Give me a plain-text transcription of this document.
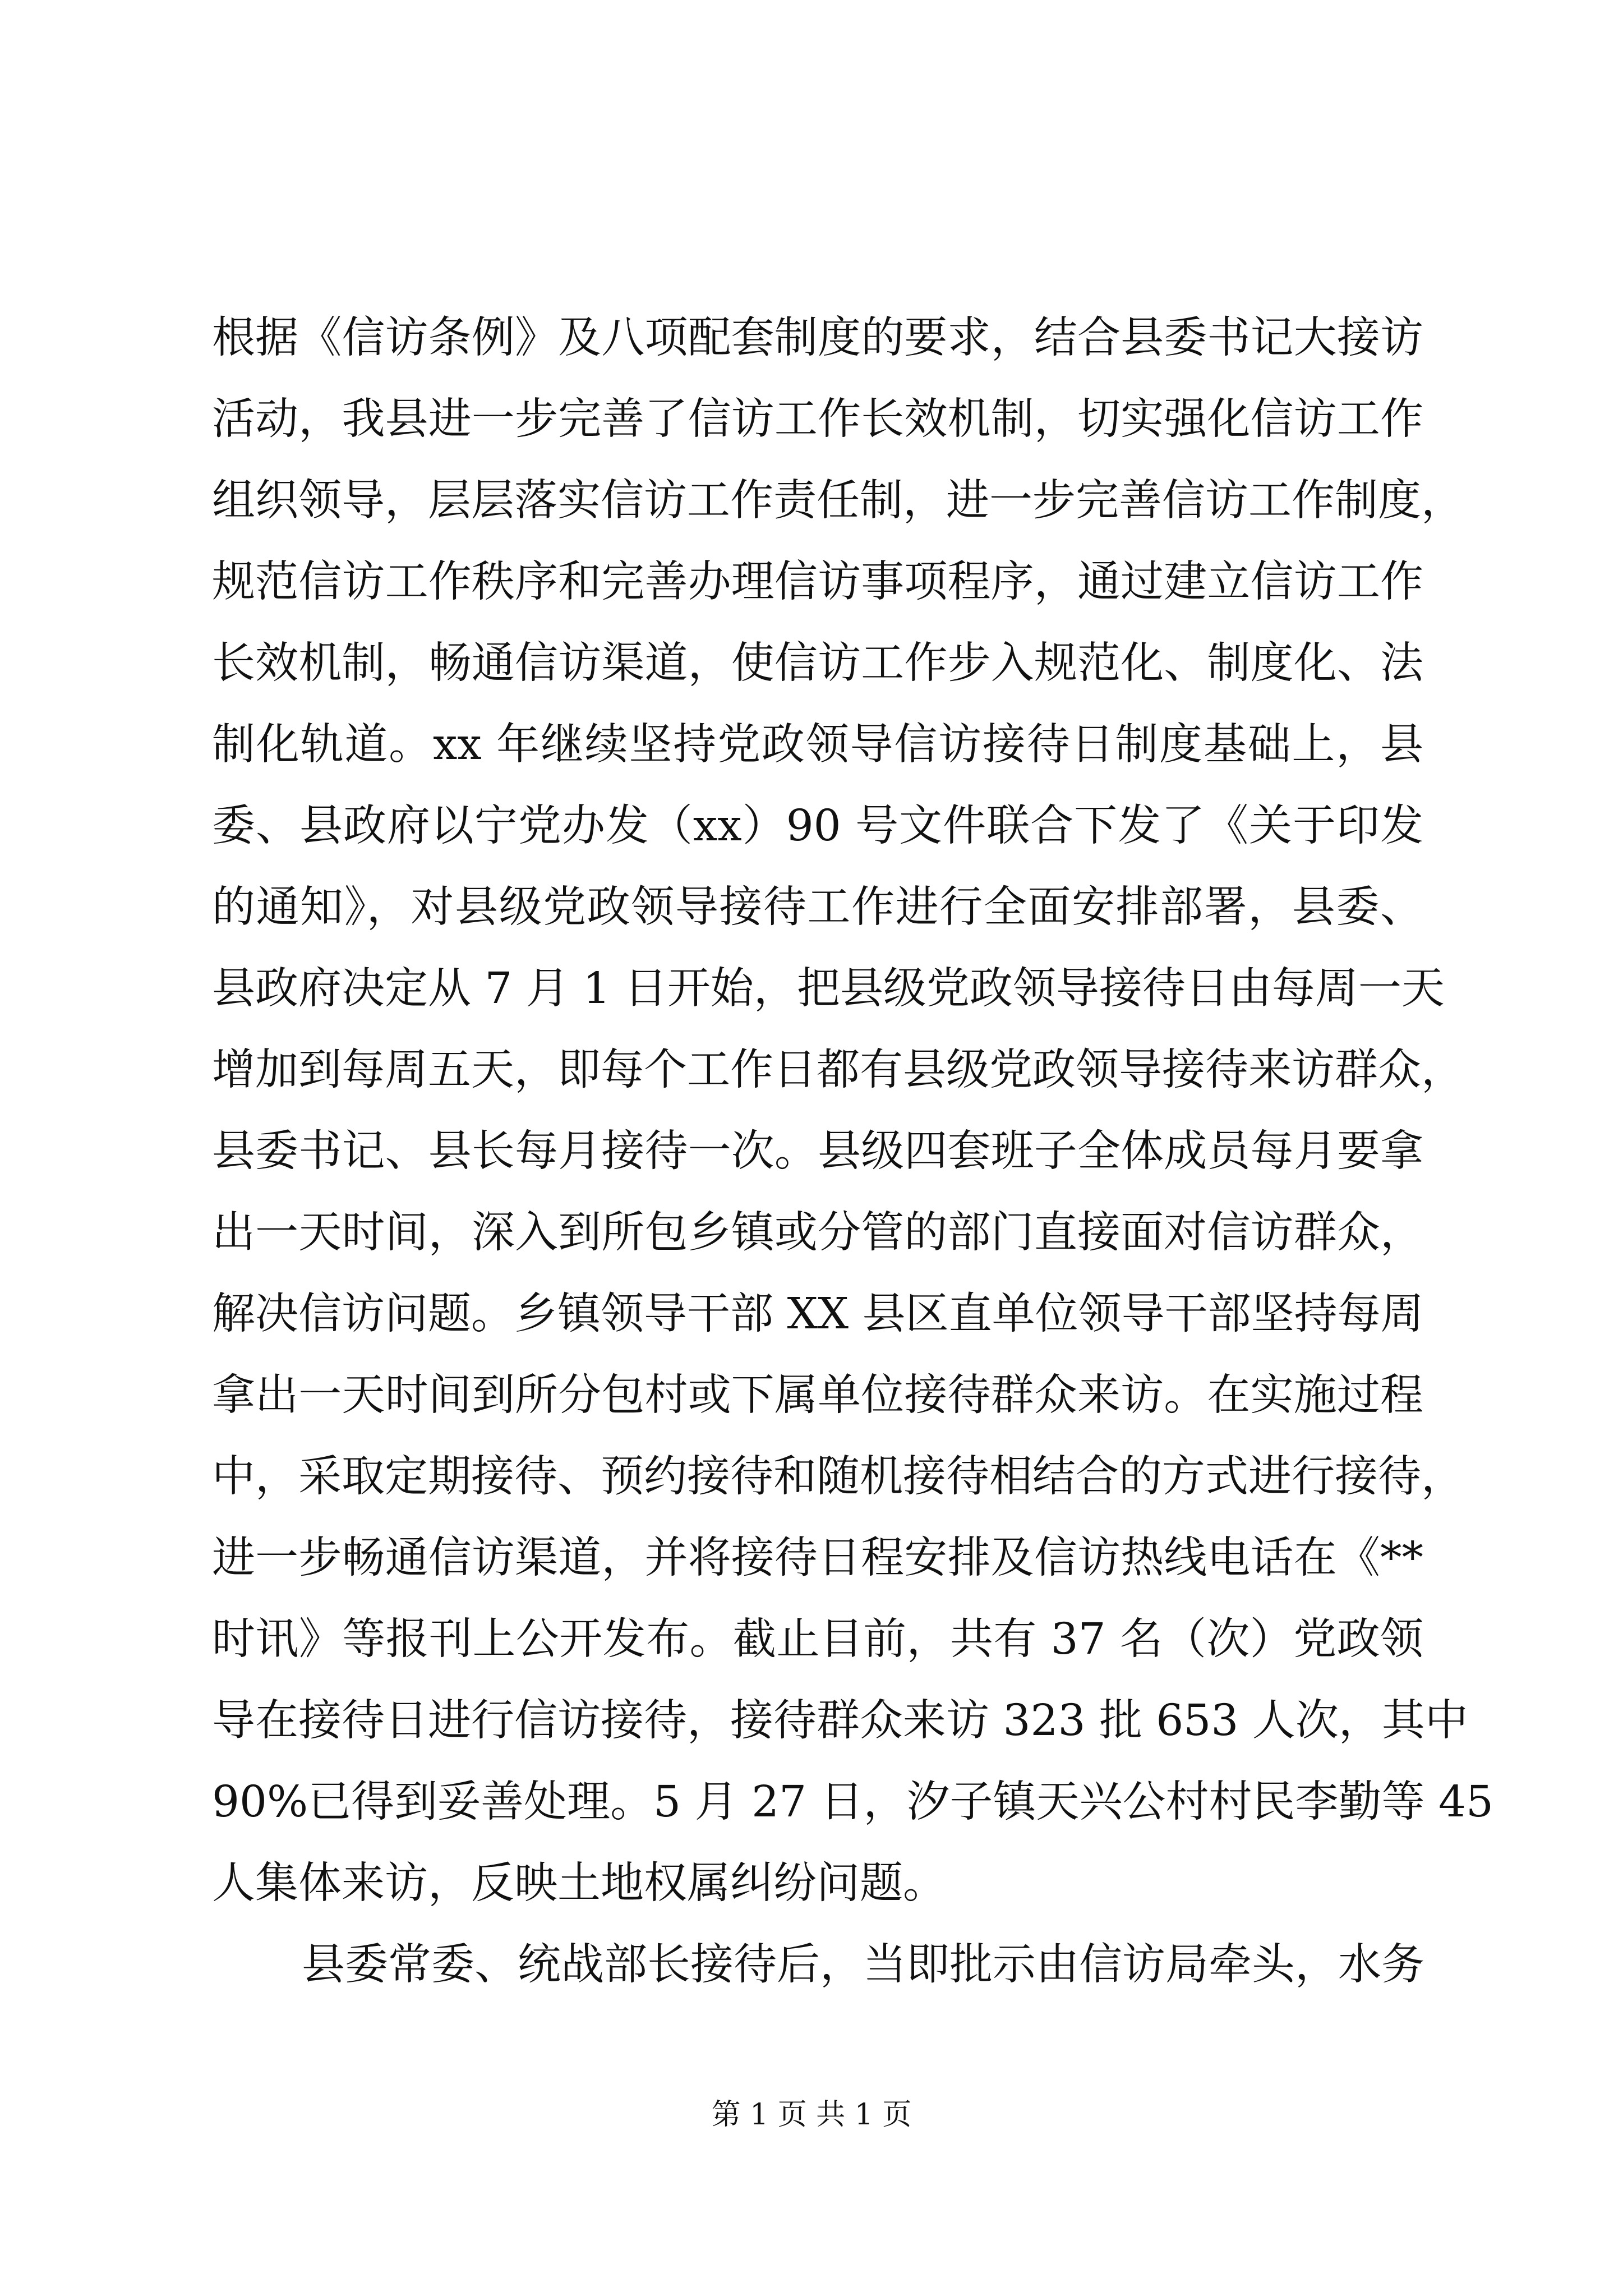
根据《信访条例》及八项配套制度的要求，结合县委书记大接访
活动，我县进一步完善了信访工作长效机制，切实强化信访工作
组织领导，层层落实信访工作责任制，进一步完善信访工作制度，
规范信访工作秩序和完善办理信访事项程序，通过建立信访工作
长效机制，畅通信访渠道，使信访工作步入规范化、制度化、法
制化轨道。xx 年继续坚持党政领导信访接待日制度基础上，县
委、县政府以宁党办发（xx）90 号文件联合下发了《关于印发
的通知》，对县级党政领导接待工作进行全面安排部署，县委、
县政府决定从 7 月 1 日开始，把县级党政领导接待日由每周一天
增加到每周五天，即每个工作日都有县级党政领导接待来访群众，
县委书记、县长每月接待一次。县级四套班子全体成员每月要拿
出一天时间，深入到所包乡镇或分管的部门直接面对信访群众，
解决信访问题。乡镇领导干部 XX 县区直单位领导干部坚持每周
拿出一天时间到所分包村或下属单位接待群众来访。在实施过程
中，采取定期接待、预约接待和随机接待相结合的方式进行接待，
进一步畅通信访渠道，并将接待日程安排及信访热线电话在《**
时讯》等报刊上公开发布。截止目前，共有 37 名（次）党政领
导在接待日进行信访接待，接待群众来访 323 批 653 人次，其中
90%已得到妥善处理。5 月 27 日，汐子镇天兴公村村民李勤等 45
人集体来访，反映土地权属纠纷问题。
县委常委、统战部长接待后，当即批示由信访局牵头，水务
第 1 页 共 1 页
